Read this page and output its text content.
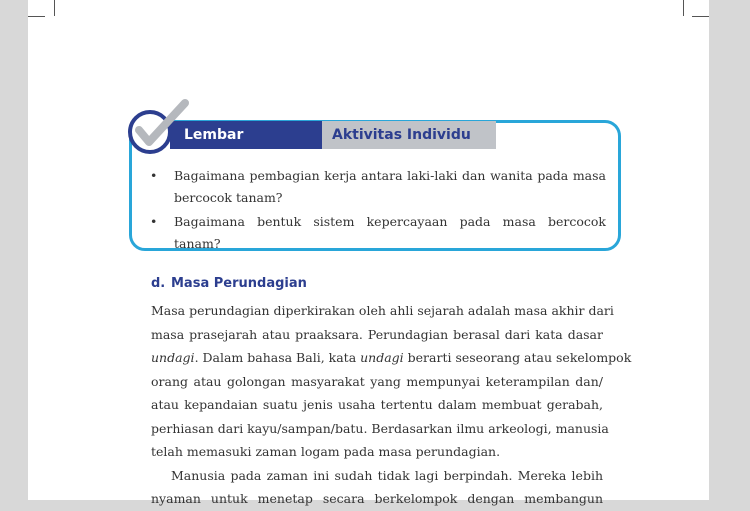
Lembar Aktivitas 12
Aktivitas Individu
• Bagaimana pembagian kerja antara laki-laki dan wanita pada masa bercocok tanam?
• Bagaimana bentuk sistem kepercayaan pada masa bercocok tanam?
d. Masa Perundagian
Masa perundagian diperkirakan oleh ahli sejarah adalah masa akhir dari
masa prasejarah atau praaksara. Perundagian berasal dari kata dasar
undagi. Dalam bahasa Bali, kata undagi berarti seseorang atau sekelompok
orang atau golongan masyarakat yang mempunyai keterampilan dan/
atau kepandaian suatu jenis usaha tertentu dalam membuat gerabah,
perhiasan dari kayu/sampan/batu. Berdasarkan ilmu arkeologi, manusia
telah memasuki zaman logam pada masa perundagian.
Manusia pada zaman ini sudah tidak lagi berpindah. Mereka lebih
nyaman untuk menetap secara berkelompok dengan membangun
